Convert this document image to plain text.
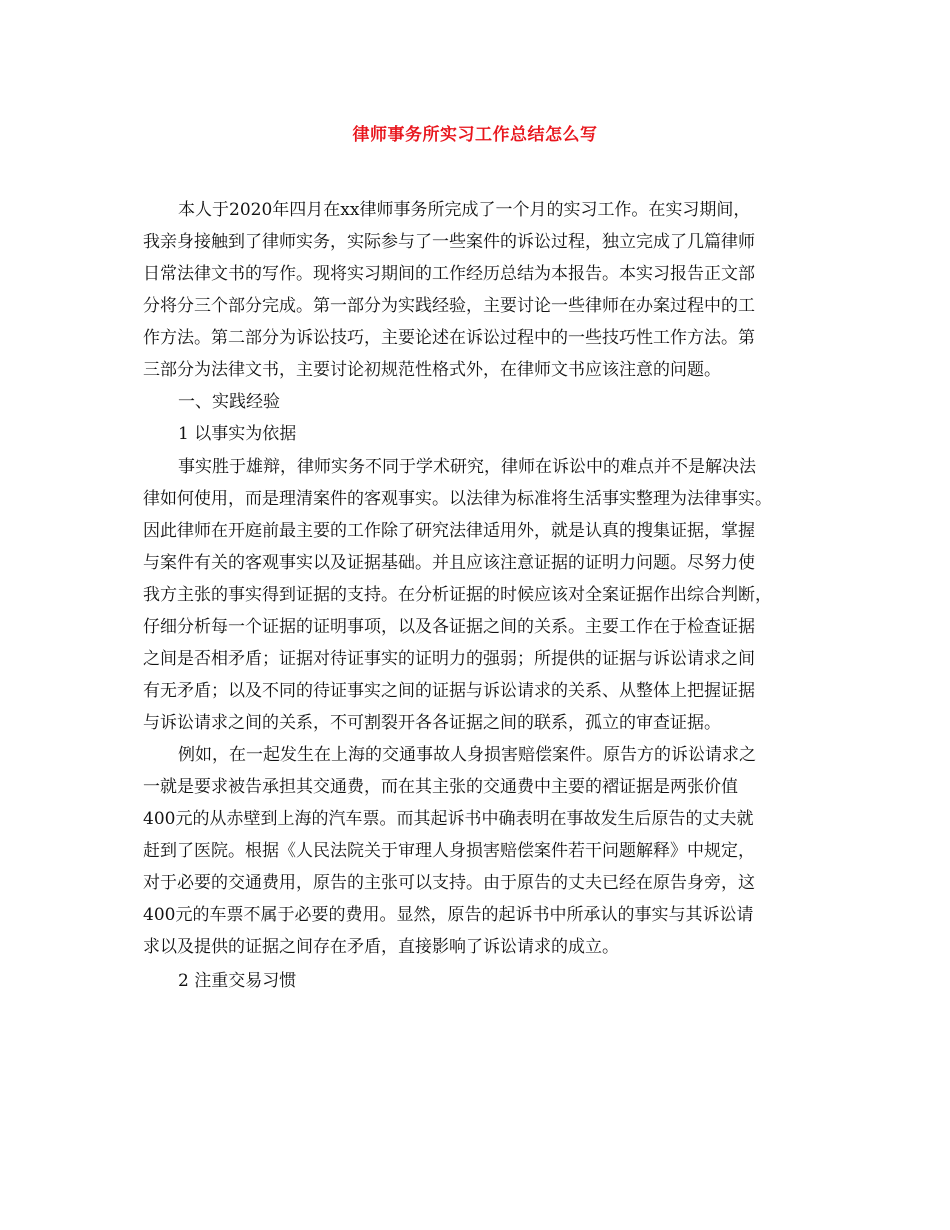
律师事务所实习工作总结怎么写
本人于2020年四月在xx律师事务所完成了一个月的实习工作。在实习期间，
我亲身接触到了律师实务，实际参与了一些案件的诉讼过程，独立完成了几篇律师
日常法律文书的写作。现将实习期间的工作经历总结为本报告。本实习报告正文部
分将分三个部分完成。第一部分为实践经验，主要讨论一些律师在办案过程中的工
作方法。第二部分为诉讼技巧，主要论述在诉讼过程中的一些技巧性工作方法。第
三部分为法律文书，主要讨论初规范性格式外，在律师文书应该注意的问题。
一、实践经验
1 以事实为依据
事实胜于雄辩，律师实务不同于学术研究，律师在诉讼中的难点并不是解决法
律如何使用，而是理清案件的客观事实。以法律为标准将生活事实整理为法律事实。
因此律师在开庭前最主要的工作除了研究法律适用外，就是认真的搜集证据，掌握
与案件有关的客观事实以及证据基础。并且应该注意证据的证明力问题。尽努力使
我方主张的事实得到证据的支持。在分析证据的时候应该对全案证据作出综合判断，
仔细分析每一个证据的证明事项，以及各证据之间的关系。主要工作在于检查证据
之间是否相矛盾；证据对待证事实的证明力的强弱；所提供的证据与诉讼请求之间
有无矛盾；以及不同的待证事实之间的证据与诉讼请求的关系、从整体上把握证据
与诉讼请求之间的关系，不可割裂开各各证据之间的联系，孤立的审查证据。
例如，在一起发生在上海的交通事故人身损害赔偿案件。原告方的诉讼请求之
一就是要求被告承担其交通费，而在其主张的交通费中主要的褶证据是两张价值
400元的从赤壁到上海的汽车票。而其起诉书中确表明在事故发生后原告的丈夫就
赶到了医院。根据《人民法院关于审理人身损害赔偿案件若干问题解释》中规定，
对于必要的交通费用，原告的主张可以支持。由于原告的丈夫已经在原告身旁，这
400元的车票不属于必要的费用。显然，原告的起诉书中所承认的事实与其诉讼请
求以及提供的证据之间存在矛盾，直接影响了诉讼请求的成立。
2 注重交易习惯
